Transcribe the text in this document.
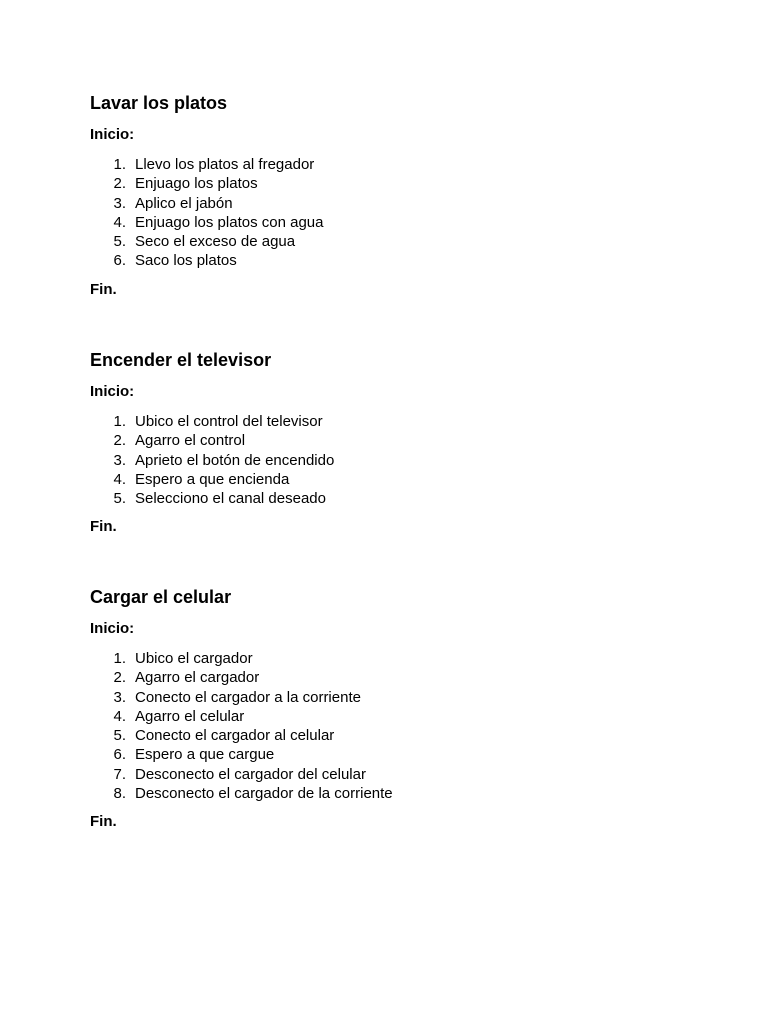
Lavar los platos

Inicio:

1. Llevo los platos al fregador
2. Enjuago los platos
3. Aplico el jabón
4. Enjuago los platos con agua
5. Seco el exceso de agua
6. Saco los platos

Fin.

Encender el televisor

Inicio:

1. Ubico el control del televisor
2. Agarro el control
3. Aprieto el botón de encendido
4. Espero a que encienda
5. Selecciono el canal deseado

Fin.

Cargar el celular

Inicio:

1. Ubico el cargador
2. Agarro el cargador
3. Conecto el cargador a la corriente
4. Agarro el celular
5. Conecto el cargador al celular
6. Espero a que cargue
7. Desconecto el cargador del celular
8. Desconecto el cargador de la corriente

Fin.
